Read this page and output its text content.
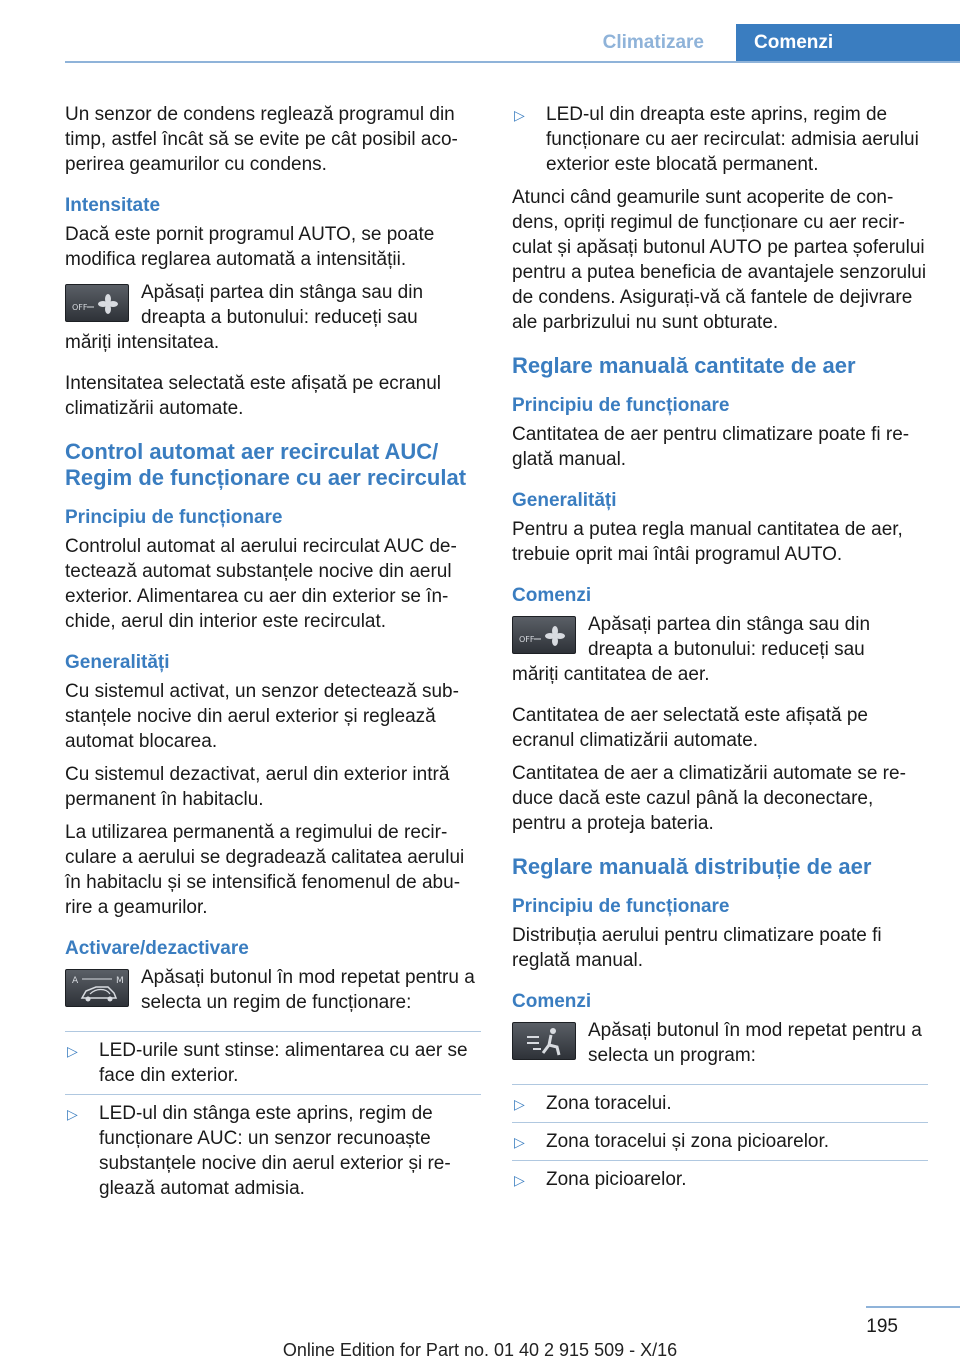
Climatizare	Comenzi

Un senzor de condens reglează programul din timp, astfel încât să se evite pe cât posibil acoperirea geamurilor cu condens.

Intensitate

Dacă este pornit programul AUTO, se poate modifica reglarea automată a intensității.

OFF
Apăsați partea din stânga sau din dreapta a butonului: reduceți sau
măriți intensitatea.

Intensitatea selectată este afișată pe ecranul climatizării automate.

Control automat aer recirculat AUC/ Regim de funcționare cu aer recirculat
Principiu de funcționare

Controlul automat al aerului recirculat AUC detectează automat substanțele nocive din aerul exterior. Alimentarea cu aer din exterior se închide, aerul din interior este recirculat.

Generalități

Cu sistemul activat, un senzor detectează substanțele nocive din aerul exterior și reglează automat blocarea.

Cu sistemul dezactivat, aerul din exterior intră permanent în habitaclu.

La utilizarea permanentă a regimului de recirculare a aerului se degradează calitatea aerului în habitaclu și se intensifică fenomenul de aburire a geamurilor.

Activare/dezactivare
A	M Apăsați butonul în mod repetat pentru a selecta un regim de funcționare:
▷ LED-urile sunt stinse: alimentarea cu aer se face din exterior.
▷ LED-ul din stânga este aprins, regim de funcționare AUC: un senzor recunoaște substanțele nocive din aerul exterior și reglează automat admisia.
▷ LED-ul din dreapta este aprins, regim de funcționare cu aer recirculat: admisia aerului exterior este blocată permanent.

Atunci când geamurile sunt acoperite de condens, opriți regimul de funcționare cu aer recirculat și apăsați butonul AUTO pe partea șoferului pentru a putea beneficia de avantajele senzorului de condens. Asigurați-vă că fantele de dejivrare ale parbrizului nu sunt obturate.

Reglare manuală cantitate de aer
Principiu de funcționare

Cantitatea de aer pentru climatizare poate fi reglată manual.

Generalități

Pentru a putea regla manual cantitatea de aer, trebuie oprit mai întâi programul AUTO.

Comenzi
OFF
Apăsați partea din stânga sau din dreapta a butonului: reduceți sau
măriți cantitatea de aer.

Cantitatea de aer selectată este afișată pe ecranul climatizării automate.

Cantitatea de aer a climatizării automate se reduce dacă este cazul până la deconectare, pentru a proteja bateria.

Reglare manuală distribuție de aer
Principiu de funcționare

Distribuția aerului pentru climatizare poate fi reglată manual.

Comenzi
Apăsați butonul în mod repetat pentru a selecta un program:
▷ Zona toracelui.
▷ Zona toracelui și zona picioarelor.
▷ Zona picioarelor.
195
Online Edition for Part no. 01 40 2 915 509 - X/16
